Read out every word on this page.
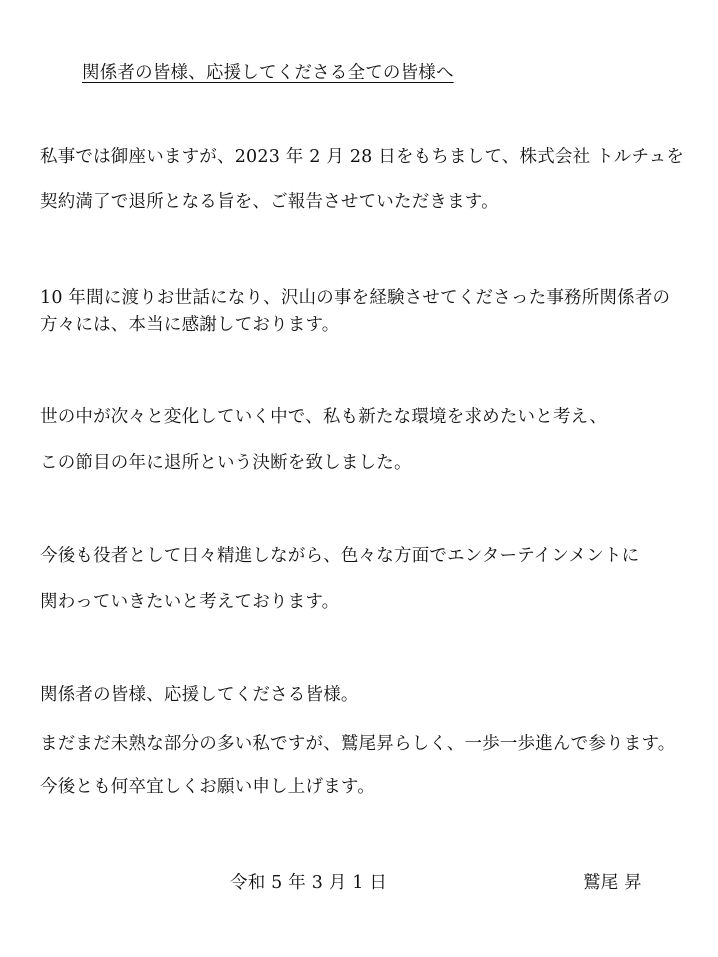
関係者の皆様、応援してくださる全ての皆様へ
私事では御座いますが、2023 年 2 月 28 日をもちまして、株式会社 トルチュを
契約満了で退所となる旨を、ご報告させていただきます。
10 年間に渡りお世話になり、沢山の事を経験させてくださった事務所関係者の
方々には、本当に感謝しております。
世の中が次々と変化していく中で、私も新たな環境を求めたいと考え、
この節目の年に退所という決断を致しました。
今後も役者として日々精進しながら、色々な方面でエンターテインメントに
関わっていきたいと考えております。
関係者の皆様、応援してくださる皆様。
まだまだ未熟な部分の多い私ですが、鷲尾昇らしく、一歩一歩進んで参ります。
今後とも何卒宜しくお願い申し上げます。
令和 5 年 3 月 1 日	鷲尾 昇
